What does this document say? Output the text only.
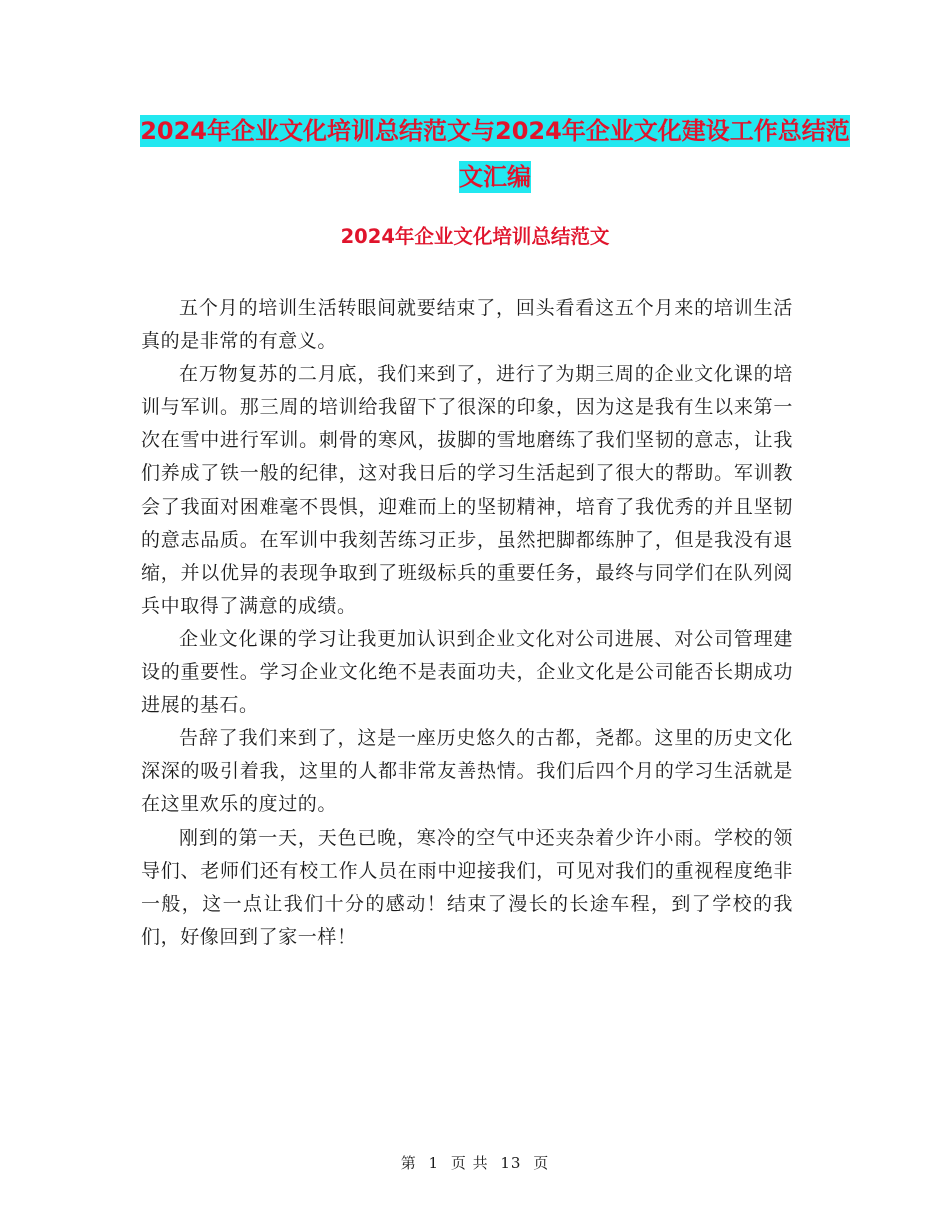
2024年企业文化培训总结范文与2024年企业文化建设工作总结范文汇编
2024年企业文化培训总结范文

五个月的培训生活转眼间就要结束了，回头看看这五个月来的培训生活真的是非常的有意义。

在万物复苏的二月底，我们来到了，进行了为期三周的企业文化课的培训与军训。那三周的培训给我留下了很深的印象，因为这是我有生以来第一次在雪中进行军训。刺骨的寒风，拔脚的雪地磨练了我们坚韧的意志，让我们养成了铁一般的纪律，这对我日后的学习生活起到了很大的帮助。军训教会了我面对困难毫不畏惧，迎难而上的坚韧精神，培育了我优秀的并且坚韧的意志品质。在军训中我刻苦练习正步，虽然把脚都练肿了，但是我没有退缩，并以优异的表现争取到了班级标兵的重要任务，最终与同学们在队列阅兵中取得了满意的成绩。

企业文化课的学习让我更加认识到企业文化对公司进展、对公司管理建设的重要性。学习企业文化绝不是表面功夫，企业文化是公司能否长期成功进展的基石。

告辞了我们来到了，这是一座历史悠久的古都，尧都。这里的历史文化深深的吸引着我，这里的人都非常友善热情。我们后四个月的学习生活就是在这里欢乐的度过的。

刚到的第一天，天色已晚，寒冷的空气中还夹杂着少许小雨。学校的领导们、老师们还有校工作人员在雨中迎接我们，可见对我们的重视程度绝非一般，这一点让我们十分的感动！结束了漫长的长途车程，到了学校的我们，好像回到了家一样！

第 1 页 共 13 页
